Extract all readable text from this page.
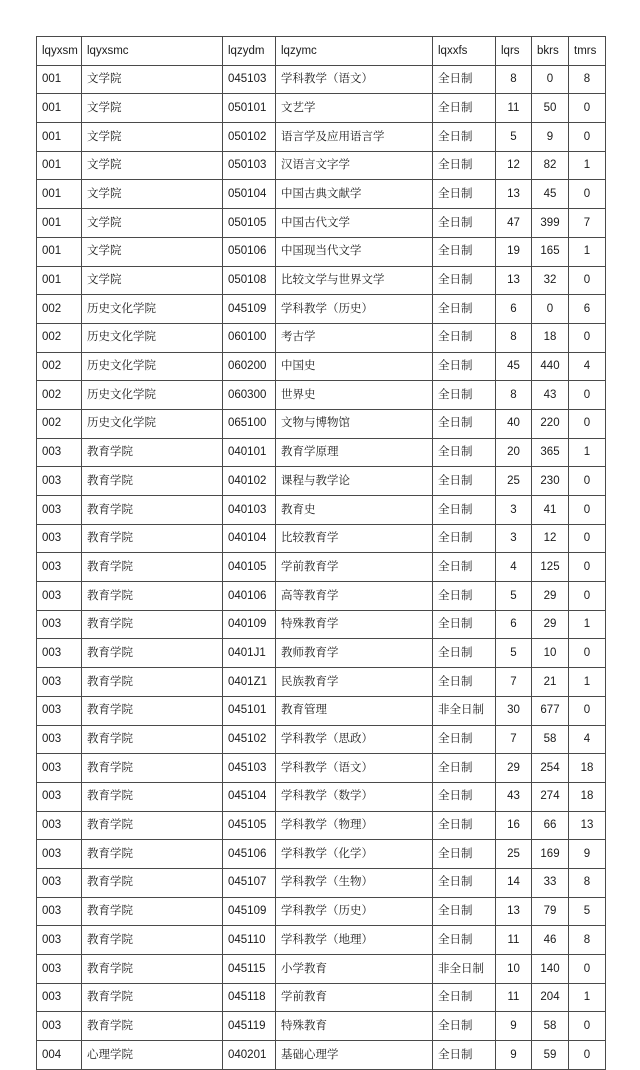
lqyxsm	lqyxsmc	lqzydm	lqzymc	lqxxfs	lqrs	bkrs	tmrs
001	文学院	045103	学科教学（语文）	全日制	8	0	8
001	文学院	050101	文艺学	全日制	11	50	0
001	文学院	050102	语言学及应用语言学	全日制	5	9	0
001	文学院	050103	汉语言文字学	全日制	12	82	1
001	文学院	050104	中国古典文献学	全日制	13	45	0
001	文学院	050105	中国古代文学	全日制	47	399	7
001	文学院	050106	中国现当代文学	全日制	19	165	1
001	文学院	050108	比较文学与世界文学	全日制	13	32	0
002	历史文化学院	045109	学科教学（历史）	全日制	6	0	6
002	历史文化学院	060100	考古学	全日制	8	18	0
002	历史文化学院	060200	中国史	全日制	45	440	4
002	历史文化学院	060300	世界史	全日制	8	43	0
002	历史文化学院	065100	文物与博物馆	全日制	40	220	0
003	教育学院	040101	教育学原理	全日制	20	365	1
003	教育学院	040102	课程与教学论	全日制	25	230	0
003	教育学院	040103	教育史	全日制	3	41	0
003	教育学院	040104	比较教育学	全日制	3	12	0
003	教育学院	040105	学前教育学	全日制	4	125	0
003	教育学院	040106	高等教育学	全日制	5	29	0
003	教育学院	040109	特殊教育学	全日制	6	29	1
003	教育学院	0401J1	教师教育学	全日制	5	10	0
003	教育学院	0401Z1	民族教育学	全日制	7	21	1
003	教育学院	045101	教育管理	非全日制	30	677	0
003	教育学院	045102	学科教学（思政）	全日制	7	58	4
003	教育学院	045103	学科教学（语文）	全日制	29	254	18
003	教育学院	045104	学科教学（数学）	全日制	43	274	18
003	教育学院	045105	学科教学（物理）	全日制	16	66	13
003	教育学院	045106	学科教学（化学）	全日制	25	169	9
003	教育学院	045107	学科教学（生物）	全日制	14	33	8
003	教育学院	045109	学科教学（历史）	全日制	13	79	5
003	教育学院	045110	学科教学（地理）	全日制	11	46	8
003	教育学院	045115	小学教育	非全日制	10	140	0
003	教育学院	045118	学前教育	全日制	11	204	1
003	教育学院	045119	特殊教育	全日制	9	58	0
004	心理学院	040201	基础心理学	全日制	9	59	0
